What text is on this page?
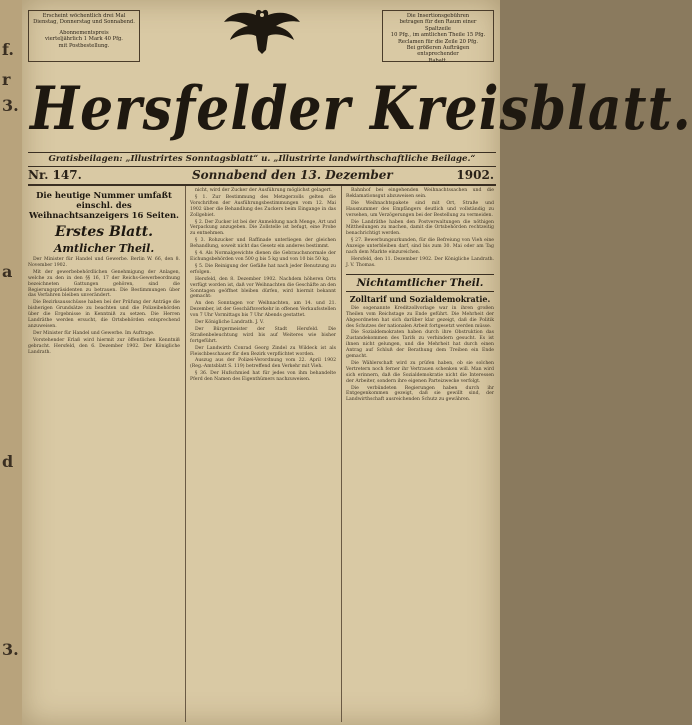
f.
r
3.
a
d
3.
Erscheint wöchentlich drei Mal
Dienstag, Donnerstag und Sonnabend.
Abonnementspreis
vierteljährlich 1 Mark 40 Pfg.
mit Postbestellung.
Die Insertionsgebühren
betragen für den Raum einer Spaltzeile
10 Pfg., im amtlichen Theile 15 Pfg.
Reclamen für die Zeile 20 Pfg.
Bei größeren Aufträgen entsprechender
Rabatt.
Hersfelder Kreisblatt.
Gratisbeilagen: „Illustrirtes Sonntagsblatt“ u. „Illustrirte landwirthschaftliche Beilage.“
Nr. 147.	Sonnabend den 13. Dezember	1902.
Die heutige Nummer umfaßt einschl. des Weihnachtsanzeigers 16 Seiten.
Erstes Blatt.
Amtlicher Theil.

Der Minister für Handel und Gewerbe. Berlin W. 66, den 8. November 1902.

Mit der gewerbebehördlichen Genehmigung der Anlagen, welche zu den in den §§ 16, 17 der Reichs-Gewerbeordnung bezeichneten Gattungen gehören, sind die Regierungspräsidenten zu betrauen. Die Bestimmungen über das Verfahren bleiben unverändert.

Die Bezirksausschüsse haben bei der Prüfung der Anträge die bisherigen Grundsätze zu beachten und die Polizeibehörden über die Ergebnisse in Kenntniß zu setzen. Die Herren Landräthe werden ersucht, die Ortsbehörden entsprechend anzuweisen.

Der Minister für Handel und Gewerbe. Im Auftrage.

Vorstehender Erlaß wird hiermit zur öffentlichen Kenntniß gebracht. Hersfeld, den 6. Dezember 1902. Der Königliche Landrath.

nicht, wird der Zucker der Ausführung möglichst gelagert.

§ 1. Zur Bestimmung des Metzgerzolls gelten die Vorschriften der Ausführungsbestimmungen vom 12. Mai 1902 über die Behandlung des Zuckers beim Eingange in das Zollgebiet.

§ 2. Der Zucker ist bei der Anmeldung nach Menge, Art und Verpackung anzugeben. Die Zollstelle ist befugt, eine Probe zu entnehmen.

§ 3. Rohzucker und Raffinade unterliegen der gleichen Behandlung, soweit nicht das Gesetz ein anderes bestimmt.

§ 4. Als Normalgewichte dienen die Gebrauchsnormale der Eichungsbehörden von 500 g bis 5 kg und von 10 bis 50 kg.

§ 5. Die Reinigung der Gefäße hat nach jeder Benutzung zu erfolgen.

Hersfeld, den 8. Dezember 1902. Nachdem höheren Orts verfügt worden ist, daß vor Weihnachten die Geschäfte an den Sonntagen geöffnet bleiben dürfen, wird hiermit bekannt gemacht:

An den Sonntagen vor Weihnachten, am 14. und 21. Dezember, ist der Geschäftsverkehr in offenen Verkaufsstellen von 7 Uhr Vormittags bis 7 Uhr Abends gestattet.

Der Königliche Landrath. J. V.

Der Bürgermeister der Stadt Hersfeld. Die Straßenbeleuchtung wird bis auf Weiteres wie bisher fortgeführt.

Der Landwirth Conrad Georg Zindel zu Wildeck ist als Fleischbeschauer für den Bezirk verpflichtet worden.

Auszug aus der Polizei-Verordnung vom 22. April 1902 (Reg.-Amtsblatt S. 119) betreffend den Verkehr mit Vieh.

§ 36. Der Hufschmied hat für jedes von ihm behandelte Pferd den Namen des Eigenthümers nachzuweisen.

Bahnhof bei eingehenden Weihnachtssachen und die Reklamationsgut abzuweisen sein.

Die Weihnachtspakete sind mit Ort, Straße und Hausnummer des Empfängers deutlich und vollständig zu versehen, um Verzögerungen bei der Bestellung zu vermeiden.

Die Landräthe haben den Postverwaltungen die nöthigen Mittheilungen zu machen, damit die Ortsbehörden rechtzeitig benachrichtigt werden.

§ 27. Bewerbungsurkunden, für die Befreiung von Vieh eine Anzeige unterbleiben darf, sind bis zum 30. Mai oder am Tag nach dem Markte einzureichen.

Hersfeld, den 11. Dezember 1902. Der Königliche Landrath. J. V. Thomas.

Nichtamtlicher Theil.
Zolltarif und Sozialdemokratie.

Die sogenannte Kreditzollvorlage war in ihren großen Theilen vom Reichstage zu Ende geführt. Die Mehrheit der Abgeordneten hat sich darüber klar gezeigt, daß die Politik des Schutzes der nationalen Arbeit fortgesetzt werden müsse.

Die Sozialdemokraten haben durch ihre Obstruktion das Zustandekommen des Tarifs zu verhindern gesucht. Es ist ihnen nicht gelungen, und die Mehrheit hat durch einen Antrag auf Schluß der Berathung dem Treiben ein Ende gemacht.

Die Wählerschaft wird zu prüfen haben, ob sie solchen Vertretern noch ferner ihr Vertrauen schenken will. Man wird sich erinnern, daß die Sozialdemokratie nicht die Interessen der Arbeiter, sondern ihre eigenen Parteizwecke verfolgt.

Die verbündeten Regierungen haben durch ihr Entgegenkommen gezeigt, daß sie gewillt sind, der Landwirthschaft ausreichenden Schutz zu gewähren.
